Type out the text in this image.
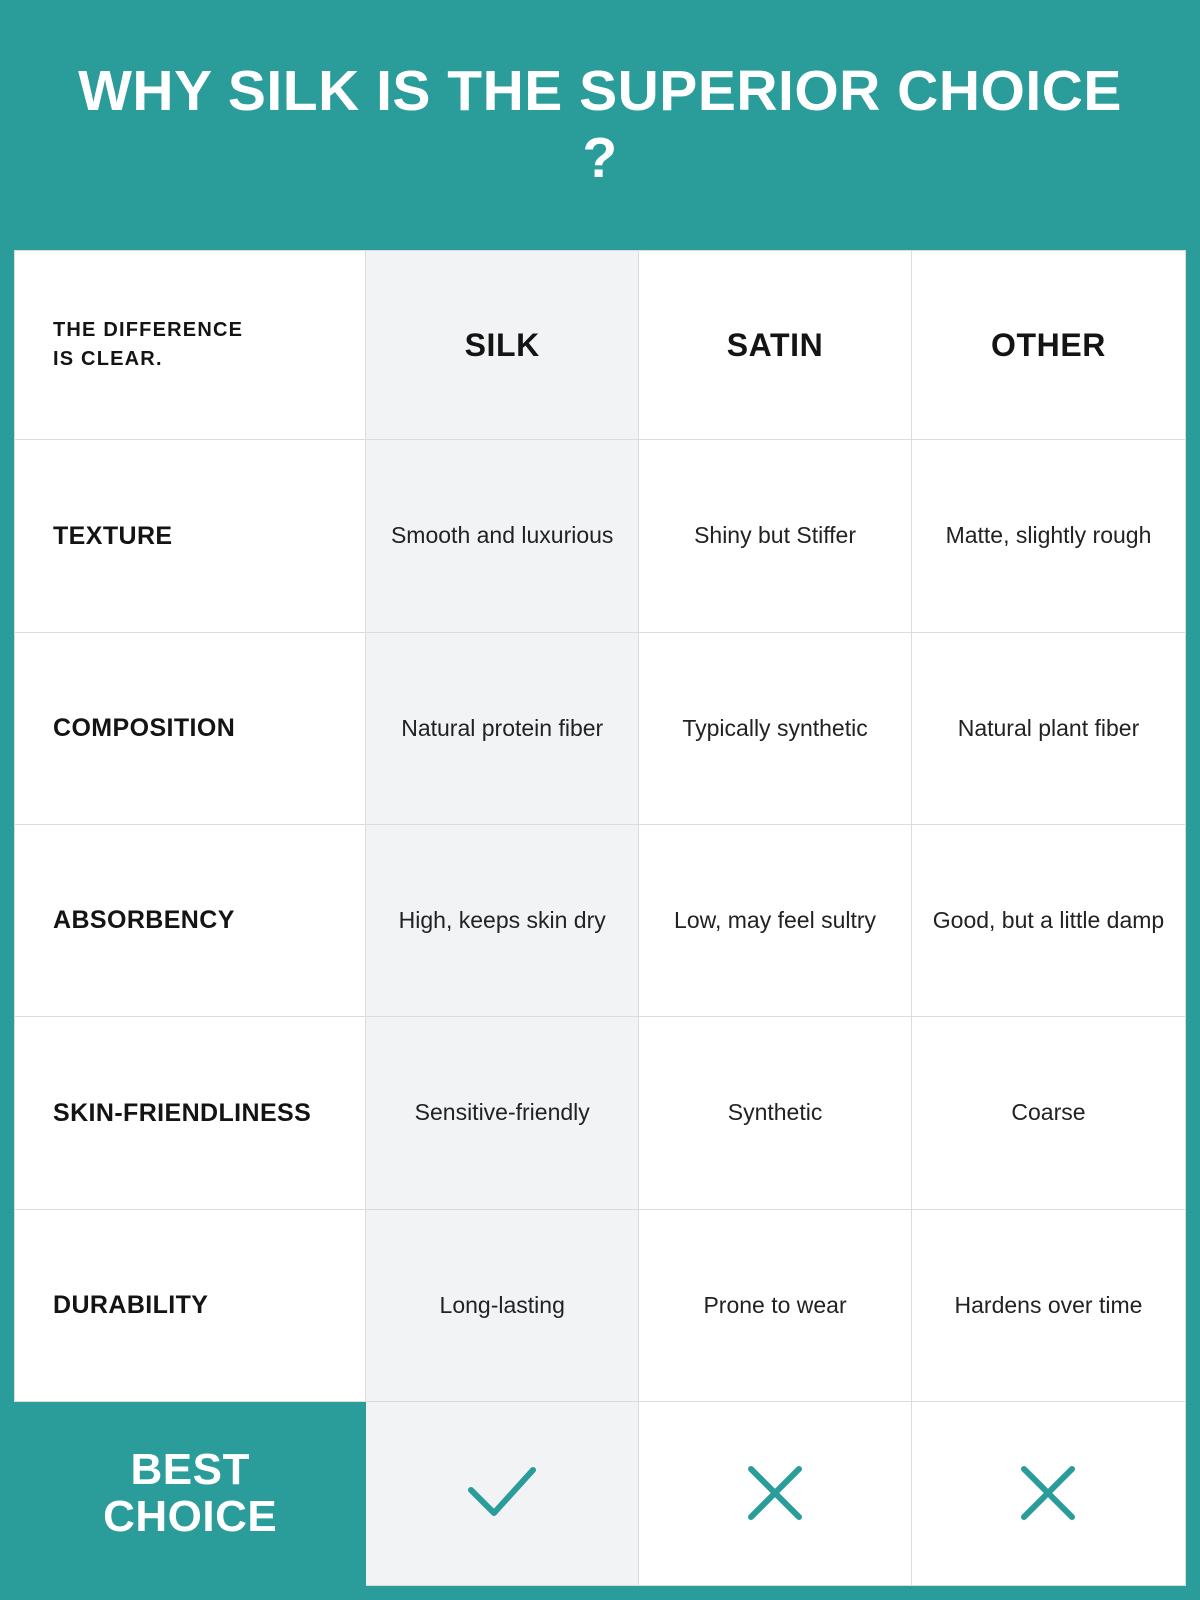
WHY SILK IS THE SUPERIOR CHOICE ?
THE DIFFERENCE
IS CLEAR.	SILK	SATIN	OTHER
TEXTURE	Smooth and luxurious	Shiny but Stiffer	Matte, slightly rough
COMPOSITION	Natural protein fiber	Typically synthetic	Natural plant fiber
ABSORBENCY	High, keeps skin dry	Low, may feel sultry	Good, but a little damp
SKIN-FRIENDLINESS	Sensitive-friendly	Synthetic	Coarse
DURABILITY	Long-lasting	Prone to wear	Hardens over time

BEST
CHOICE
